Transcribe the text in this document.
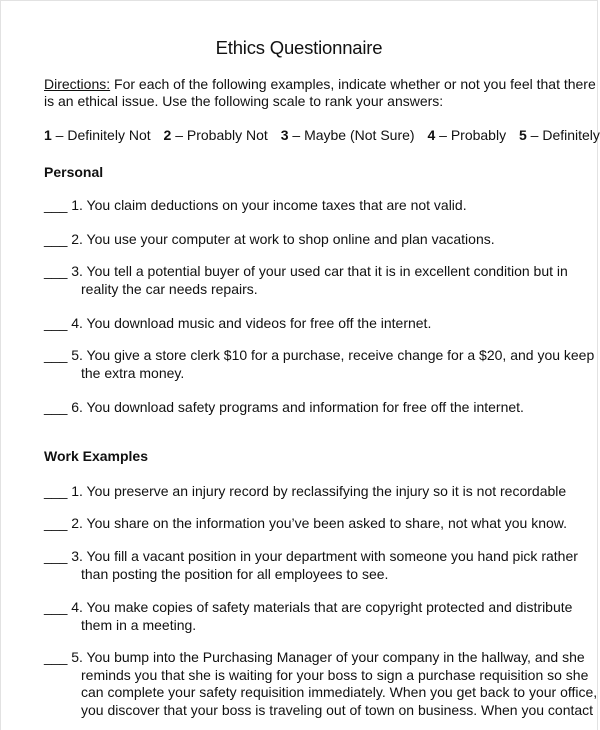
Ethics Questionnaire
Directions: For each of the following examples, indicate whether or not you feel that there
is an ethical issue. Use the following scale to rank your answers:
1 – Definitely Not 2 – Probably Not 3 – Maybe (Not Sure) 4 – Probably 5 – Definitely
Personal
___ 1. You claim deductions on your income taxes that are not valid.
___ 2. You use your computer at work to shop online and plan vacations.
___ 3. You tell a potential buyer of your used car that it is in excellent condition but in
reality the car needs repairs.
___ 4. You download music and videos for free off the internet.
___ 5. You give a store clerk $10 for a purchase, receive change for a $20, and you keep
the extra money.
___ 6. You download safety programs and information for free off the internet.
Work Examples
___ 1. You preserve an injury record by reclassifying the injury so it is not recordable
___ 2. You share on the information you’ve been asked to share, not what you know.
___ 3. You fill a vacant position in your department with someone you hand pick rather
than posting the position for all employees to see.
___ 4. You make copies of safety materials that are copyright protected and distribute
them in a meeting.
___ 5. You bump into the Purchasing Manager of your company in the hallway, and she
reminds you that she is waiting for your boss to sign a purchase requisition so she
can complete your safety requisition immediately. When you get back to your office,
you discover that your boss is traveling out of town on business. When you contact
